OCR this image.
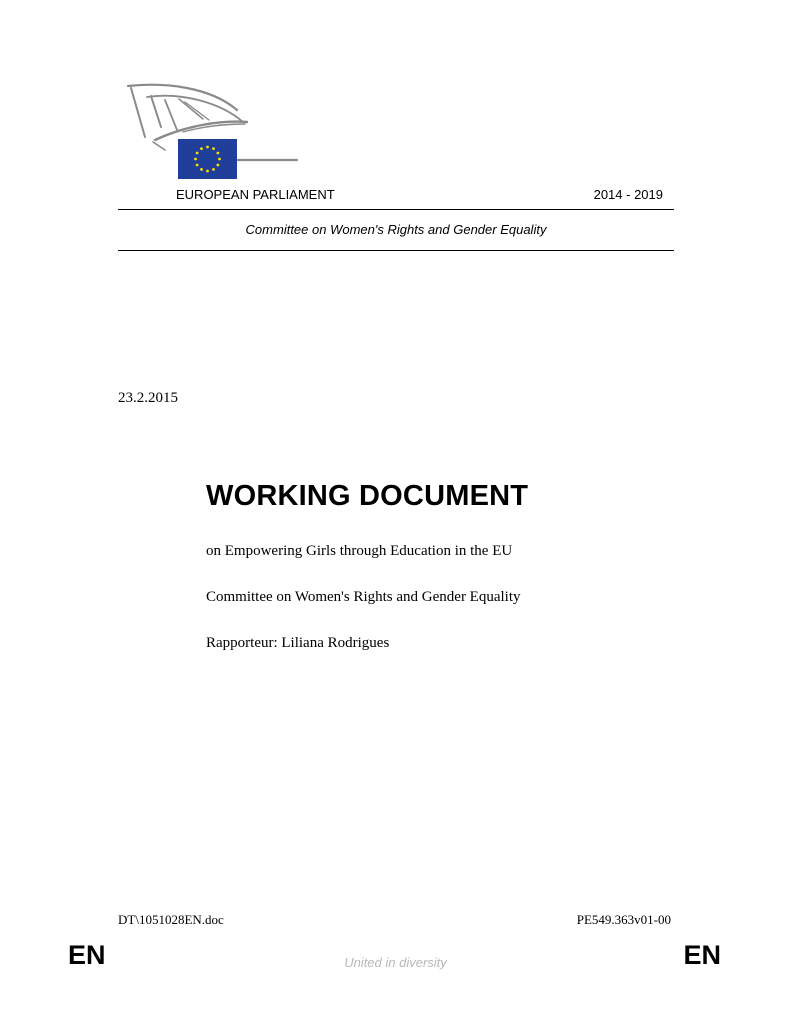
EUROPEAN PARLIAMENT	2014 - 2019
Committee on Women's Rights and Gender Equality
23.2.2015
WORKING DOCUMENT
on Empowering Girls through Education in the EU
Committee on Women's Rights and Gender Equality
Rapporteur: Liliana Rodrigues
DT\1051028EN.doc	PE549.363v01-00
EN	United in diversity	EN
